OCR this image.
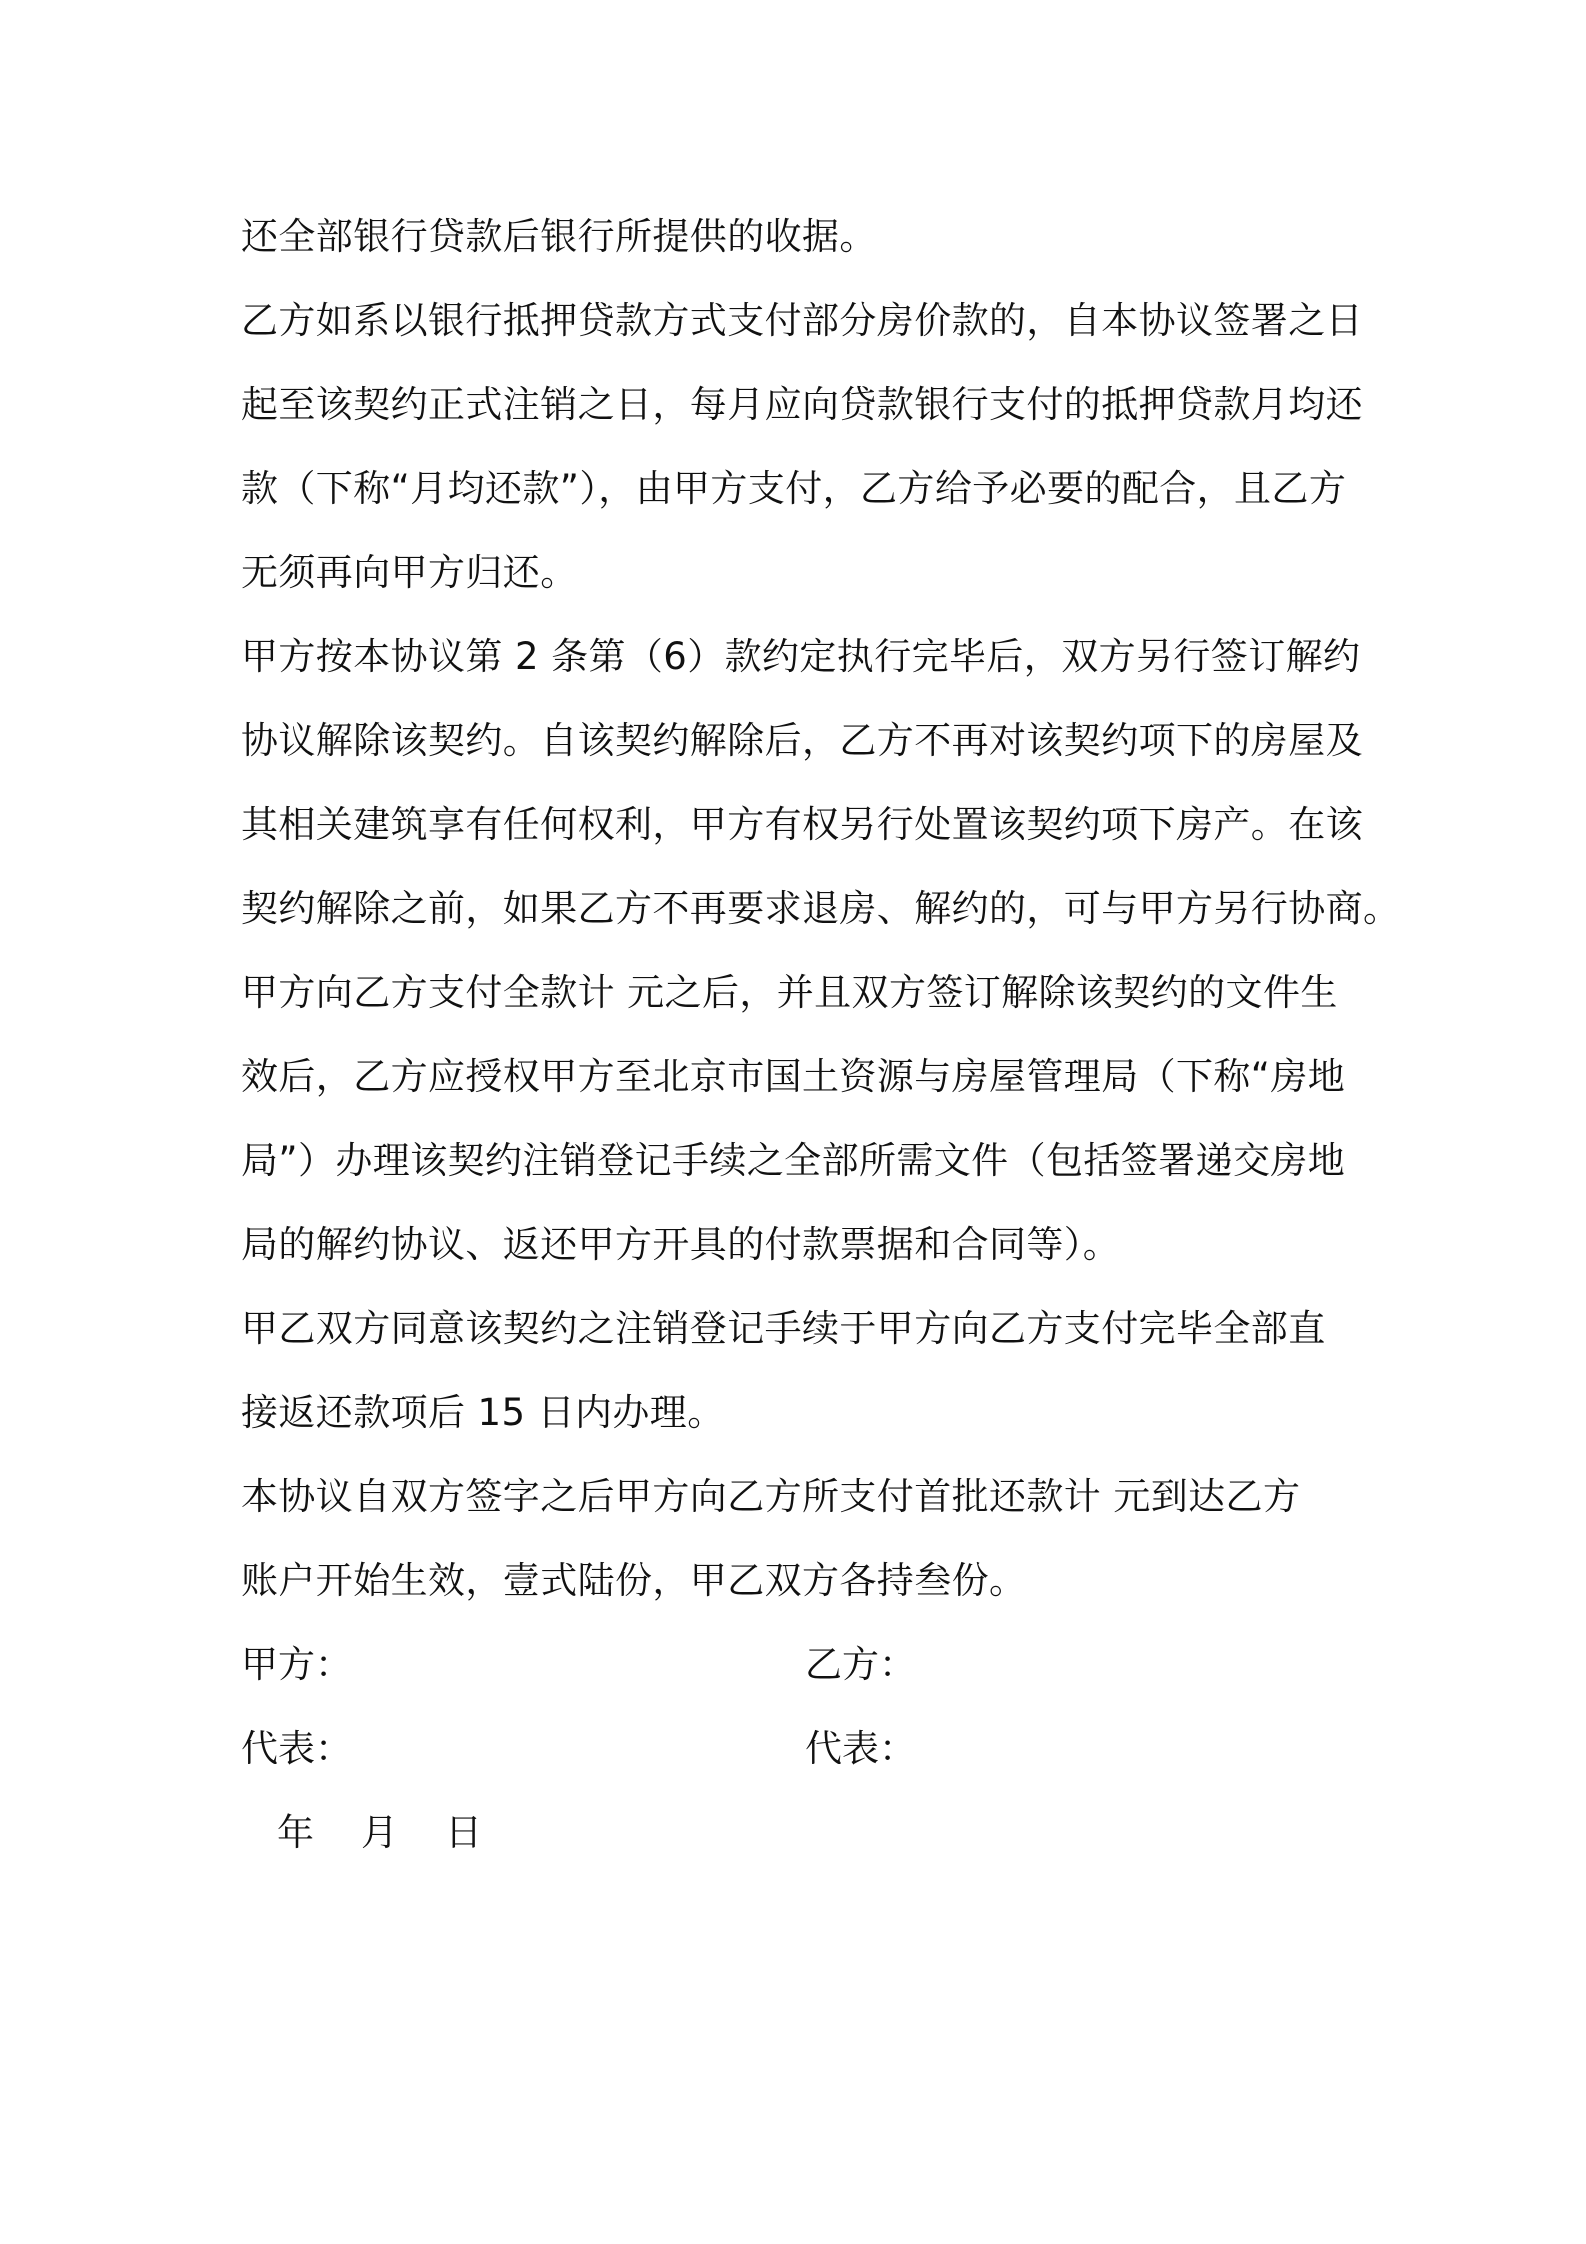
还全部银行贷款后银行所提供的收据。
乙方如系以银行抵押贷款方式支付部分房价款的，自本协议签署之日
起至该契约正式注销之日，每月应向贷款银行支付的抵押贷款月均还
款（下称“月均还款”），由甲方支付，乙方给予必要的配合，且乙方
无须再向甲方归还。
甲方按本协议第 2 条第（6）款约定执行完毕后，双方另行签订解约
协议解除该契约。自该契约解除后，乙方不再对该契约项下的房屋及
其相关建筑享有任何权利，甲方有权另行处置该契约项下房产。在该
契约解除之前，如果乙方不再要求退房、解约的，可与甲方另行协商。
甲方向乙方支付全款计 元之后，并且双方签订解除该契约的文件生
效后，乙方应授权甲方至北京市国土资源与房屋管理局（下称“房地
局”）办理该契约注销登记手续之全部所需文件（包括签署递交房地
局的解约协议、返还甲方开具的付款票据和合同等）。
甲乙双方同意该契约之注销登记手续于甲方向乙方支付完毕全部直
接返还款项后 15 日内办理。
本协议自双方签字之后甲方向乙方所支付首批还款计 元到达乙方
账户开始生效，壹式陆份，甲乙双方各持叁份。
甲方：	乙方：
代表：	代表：
年    月    日
